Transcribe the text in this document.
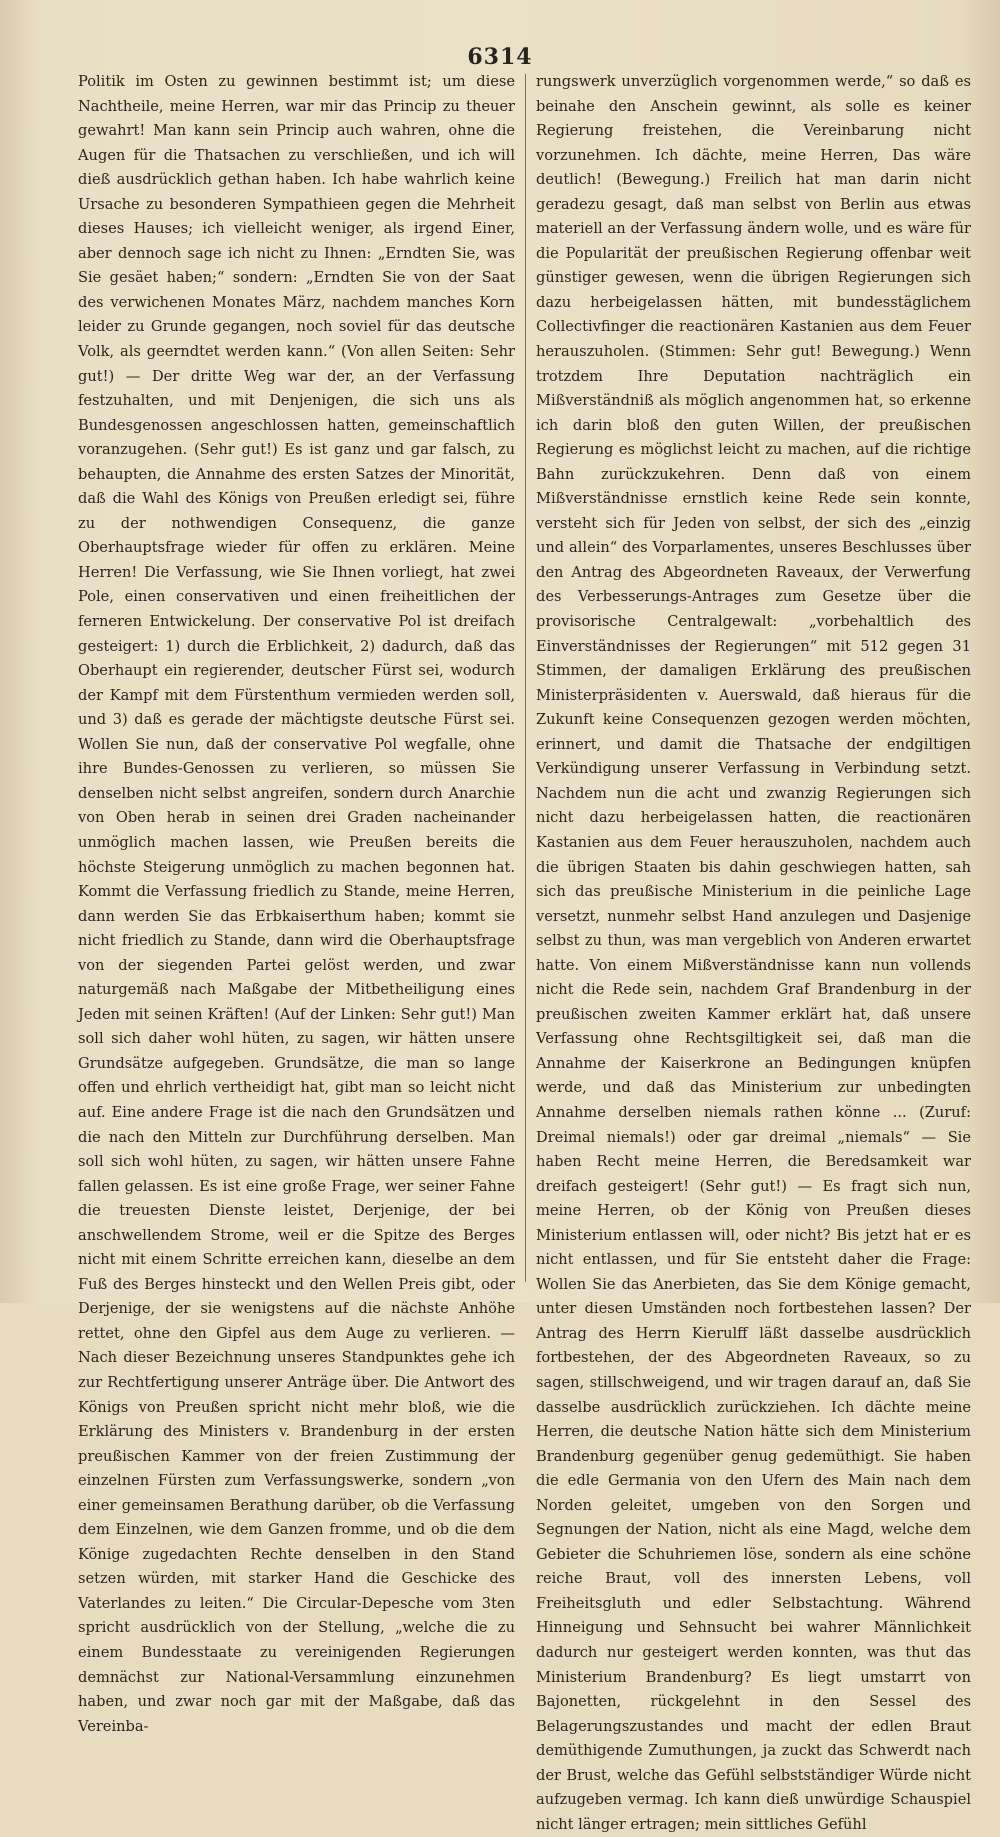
6314

Politik im Osten zu gewinnen bestimmt ist; um diese Nachtheile, meine Herren, war mir das Princip zu theuer gewahrt! Man kann sein Princip auch wahren, ohne die Augen für die Thatsachen zu verschließen, und ich will dieß ausdrücklich gethan haben. Ich habe wahrlich keine Ursache zu besonderen Sympathieen gegen die Mehrheit dieses Hauses; ich vielleicht weniger, als irgend Einer, aber dennoch sage ich nicht zu Ihnen: „Erndten Sie, was Sie gesäet haben;“ sondern: „Erndten Sie von der Saat des verwichenen Monates März, nachdem manches Korn leider zu Grunde gegangen, noch soviel für das deutsche Volk, als geerndtet werden kann.“ (Von allen Seiten: Sehr gut!) — Der dritte Weg war der, an der Verfassung festzuhalten, und mit Denjenigen, die sich uns als Bundesgenossen angeschlossen hatten, gemeinschaftlich voranzugehen. (Sehr gut!) Es ist ganz und gar falsch, zu behaupten, die Annahme des ersten Satzes der Minorität, daß die Wahl des Königs von Preußen erledigt sei, führe zu der nothwendigen Consequenz, die ganze Oberhauptsfrage wieder für offen zu erklären. Meine Herren! Die Verfassung, wie Sie Ihnen vorliegt, hat zwei Pole, einen conservativen und einen freiheitlichen der ferneren Entwickelung. Der conservative Pol ist dreifach gesteigert: 1) durch die Erblichkeit, 2) dadurch, daß das Oberhaupt ein regierender, deutscher Fürst sei, wodurch der Kampf mit dem Fürstenthum vermieden werden soll, und 3) daß es gerade der mächtigste deutsche Fürst sei. Wollen Sie nun, daß der conservative Pol wegfalle, ohne ihre Bundes-Genossen zu verlieren, so müssen Sie denselben nicht selbst angreifen, sondern durch Anarchie von Oben herab in seinen drei Graden nacheinander unmöglich machen lassen, wie Preußen bereits die höchste Steigerung unmöglich zu machen begonnen hat. Kommt die Verfassung friedlich zu Stande, meine Herren, dann werden Sie das Erbkaiserthum haben; kommt sie nicht friedlich zu Stande, dann wird die Oberhauptsfrage von der siegenden Partei gelöst werden, und zwar naturgemäß nach Maßgabe der Mitbetheiligung eines Jeden mit seinen Kräften! (Auf der Linken: Sehr gut!) Man soll sich daher wohl hüten, zu sagen, wir hätten unsere Grundsätze aufgegeben. Grundsätze, die man so lange offen und ehrlich vertheidigt hat, gibt man so leicht nicht auf. Eine andere Frage ist die nach den Grundsätzen und die nach den Mitteln zur Durchführung derselben. Man soll sich wohl hüten, zu sagen, wir hätten unsere Fahne fallen gelassen. Es ist eine große Frage, wer seiner Fahne die treuesten Dienste leistet, Derjenige, der bei anschwellendem Strome, weil er die Spitze des Berges nicht mit einem Schritte erreichen kann, dieselbe an dem Fuß des Berges hinsteckt und den Wellen Preis gibt, oder Derjenige, der sie wenigstens auf die nächste Anhöhe rettet, ohne den Gipfel aus dem Auge zu verlieren. — Nach dieser Bezeichnung unseres Standpunktes gehe ich zur Rechtfertigung unserer Anträge über. Die Antwort des Königs von Preußen spricht nicht mehr bloß, wie die Erklärung des Ministers v. Brandenburg in der ersten preußischen Kammer von der freien Zustimmung der einzelnen Fürsten zum Verfassungswerke, sondern „von einer gemeinsamen Berathung darüber, ob die Verfassung dem Einzelnen, wie dem Ganzen fromme, und ob die dem Könige zugedachten Rechte denselben in den Stand setzen würden, mit starker Hand die Geschicke des Vaterlandes zu leiten.“ Die Circular-Depesche vom 3ten spricht ausdrücklich von der Stellung, „welche die zu einem Bundesstaate zu vereinigenden Regierungen demnächst zur National-Versammlung einzunehmen haben, und zwar noch gar mit der Maßgabe, daß das Vereinba-

rungswerk unverzüglich vorgenommen werde,“ so daß es beinahe den Anschein gewinnt, als solle es keiner Regierung freistehen, die Vereinbarung nicht vorzunehmen. Ich dächte, meine Herren, Das wäre deutlich! (Bewegung.) Freilich hat man darin nicht geradezu gesagt, daß man selbst von Berlin aus etwas materiell an der Verfassung ändern wolle, und es wäre für die Popularität der preußischen Regierung offenbar weit günstiger gewesen, wenn die übrigen Regierungen sich dazu herbeigelassen hätten, mit bundesstäglichem Collectivfinger die reactionären Kastanien aus dem Feuer herauszuholen. (Stimmen: Sehr gut! Bewegung.) Wenn trotzdem Ihre Deputation nachträglich ein Mißverständniß als möglich angenommen hat, so erkenne ich darin bloß den guten Willen, der preußischen Regierung es möglichst leicht zu machen, auf die richtige Bahn zurückzukehren. Denn daß von einem Mißverständnisse ernstlich keine Rede sein konnte, versteht sich für Jeden von selbst, der sich des „einzig und allein“ des Vorparlamentes, unseres Beschlusses über den Antrag des Abgeordneten Raveaux, der Verwerfung des Verbesserungs-Antrages zum Gesetze über die provisorische Centralgewalt: „vorbehaltlich des Einverständnisses der Regierungen“ mit 512 gegen 31 Stimmen, der damaligen Erklärung des preußischen Ministerpräsidenten v. Auerswald, daß hieraus für die Zukunft keine Consequenzen gezogen werden möchten, erinnert, und damit die Thatsache der endgiltigen Verkündigung unserer Verfassung in Verbindung setzt. Nachdem nun die acht und zwanzig Regierungen sich nicht dazu herbeigelassen hatten, die reactionären Kastanien aus dem Feuer herauszuholen, nachdem auch die übrigen Staaten bis dahin geschwiegen hatten, sah sich das preußische Ministerium in die peinliche Lage versetzt, nunmehr selbst Hand anzulegen und Dasjenige selbst zu thun, was man vergeblich von Anderen erwartet hatte. Von einem Mißverständnisse kann nun vollends nicht die Rede sein, nachdem Graf Brandenburg in der preußischen zweiten Kammer erklärt hat, daß unsere Verfassung ohne Rechtsgiltigkeit sei, daß man die Annahme der Kaiserkrone an Bedingungen knüpfen werde, und daß das Ministerium zur unbedingten Annahme derselben niemals rathen könne ... (Zuruf: Dreimal niemals!) oder gar dreimal „niemals“ — Sie haben Recht meine Herren, die Beredsamkeit war dreifach gesteigert! (Sehr gut!) — Es fragt sich nun, meine Herren, ob der König von Preußen dieses Ministerium entlassen will, oder nicht? Bis jetzt hat er es nicht entlassen, und für Sie entsteht daher die Frage: Wollen Sie das Anerbieten, das Sie dem Könige gemacht, unter diesen Umständen noch fortbestehen lassen? Der Antrag des Herrn Kierulff läßt dasselbe ausdrücklich fortbestehen, der des Abgeordneten Raveaux, so zu sagen, stillschweigend, und wir tragen darauf an, daß Sie dasselbe ausdrücklich zurückziehen. Ich dächte meine Herren, die deutsche Nation hätte sich dem Ministerium Brandenburg gegenüber genug gedemüthigt. Sie haben die edle Germania von den Ufern des Main nach dem Norden geleitet, umgeben von den Sorgen und Segnungen der Nation, nicht als eine Magd, welche dem Gebieter die Schuhriemen löse, sondern als eine schöne reiche Braut, voll des innersten Lebens, voll Freiheitsgluth und edler Selbstachtung. Während Hinneigung und Sehnsucht bei wahrer Männlichkeit dadurch nur gesteigert werden konnten, was thut das Ministerium Brandenburg? Es liegt umstarrt von Bajonetten, rückgelehnt in den Sessel des Belagerungszustandes und macht der edlen Braut demüthigende Zumuthungen, ja zuckt das Schwerdt nach der Brust, welche das Gefühl selbstständiger Würde nicht aufzugeben vermag. Ich kann dieß unwürdige Schauspiel nicht länger ertragen; mein sittliches Gefühl
